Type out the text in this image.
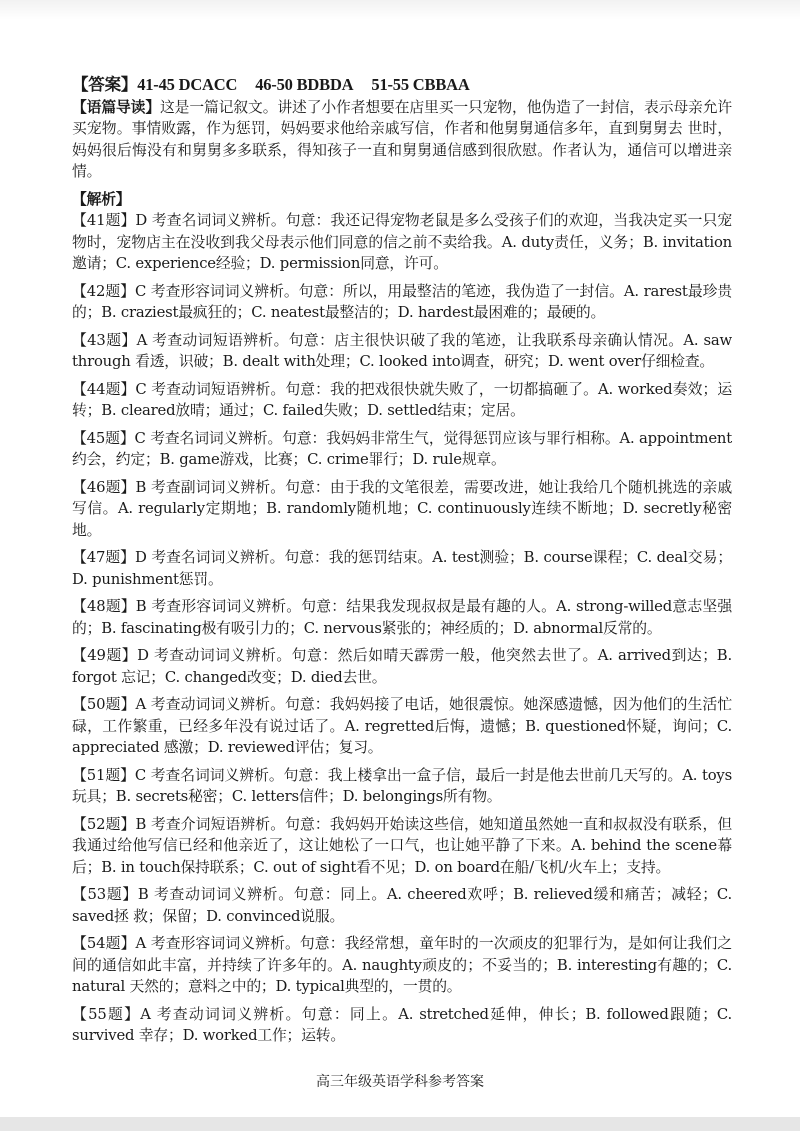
【答案】41-45 DCACC 46-50 BDBDA 51-55 CBBAA

【语篇导读】这是一篇记叙文。讲述了小作者想要在店里买一只宠物，他伪造了一封信，表示母亲允许买宠物。事情败露，作为惩罚，妈妈要求他给亲戚写信，作者和他舅舅通信多年，直到舅舅去 世时，妈妈很后悔没有和舅舅多多联系，得知孩子一直和舅舅通信感到很欣慰。作者认为，通信可以增进亲情。

【解析】

【41题】D 考查名词词义辨析。句意：我还记得宠物老鼠是多么受孩子们的欢迎，当我决定买一只宠物时，宠物店主在没收到我父母表示他们同意的信之前不卖给我。A. duty责任，义务；B. invitation 邀请；C. experience经验；D. permission同意，许可。

【42题】C 考查形容词词义辨析。句意：所以，用最整洁的笔迹，我伪造了一封信。A. rarest最珍贵的；B. craziest最疯狂的；C. neatest最整洁的；D. hardest最困难的；最硬的。

【43题】A 考查动词短语辨析。句意：店主很快识破了我的笔迹，让我联系母亲确认情况。A. saw through 看透，识破；B. dealt with处理；C. looked into调查，研究；D. went over仔细检查。

【44题】C 考查动词短语辨析。句意：我的把戏很快就失败了，一切都搞砸了。A. worked奏效；运转；B. cleared放晴；通过；C. failed失败；D. settled结束；定居。

【45题】C 考查名词词义辨析。句意：我妈妈非常生气，觉得惩罚应该与罪行相称。A. appointment 约会，约定；B. game游戏，比赛；C. crime罪行；D. rule规章。

【46题】B 考查副词词义辨析。句意：由于我的文笔很差，需要改进，她让我给几个随机挑选的亲戚写信。A. regularly定期地；B. randomly随机地；C. continuously连续不断地；D. secretly秘密地。

【47题】D 考查名词词义辨析。句意：我的惩罚结束。A. test测验；B. course课程；C. deal交易；D. punishment惩罚。

【48题】B 考查形容词词义辨析。句意：结果我发现叔叔是最有趣的人。A. strong-willed意志坚强的；B. fascinating极有吸引力的；C. nervous紧张的；神经质的；D. abnormal反常的。

【49题】D 考查动词词义辨析。句意：然后如晴天霹雳一般，他突然去世了。A. arrived到达；B. forgot 忘记；C. changed改变；D. died去世。

【50题】A 考查动词词义辨析。句意：我妈妈接了电话，她很震惊。她深感遗憾，因为他们的生活忙碌，工作繁重，已经多年没有说过话了。A. regretted后悔，遗憾；B. questioned怀疑，询问；C. appreciated 感激；D. reviewed评估；复习。

【51题】C 考查名词词义辨析。句意：我上楼拿出一盒子信，最后一封是他去世前几天写的。A. toys 玩具；B. secrets秘密；C. letters信件；D. belongings所有物。

【52题】B 考查介词短语辨析。句意：我妈妈开始读这些信，她知道虽然她一直和叔叔没有联系，但 我通过给他写信已经和他亲近了，这让她松了一口气，也让她平静了下来。A. behind the scene幕后；B. in touch保持联系；C. out of sight看不见；D. on board在船/飞机/火车上；支持。

【53题】B 考查动词词义辨析。句意：同上。A. cheered欢呼；B. relieved缓和痛苦；减轻；C. saved拯 救；保留；D. convinced说服。

【54题】A 考查形容词词义辨析。句意：我经常想，童年时的一次顽皮的犯罪行为，是如何让我们之间的通信如此丰富，并持续了许多年的。A. naughty顽皮的；不妥当的；B. interesting有趣的；C. natural 天然的；意料之中的；D. typical典型的，一贯的。

【55题】A 考查动词词义辨析。句意：同上。A. stretched延伸，伸长；B. followed跟随；C. survived 幸存；D. worked工作；运转。

高三年级英语学科参考答案
